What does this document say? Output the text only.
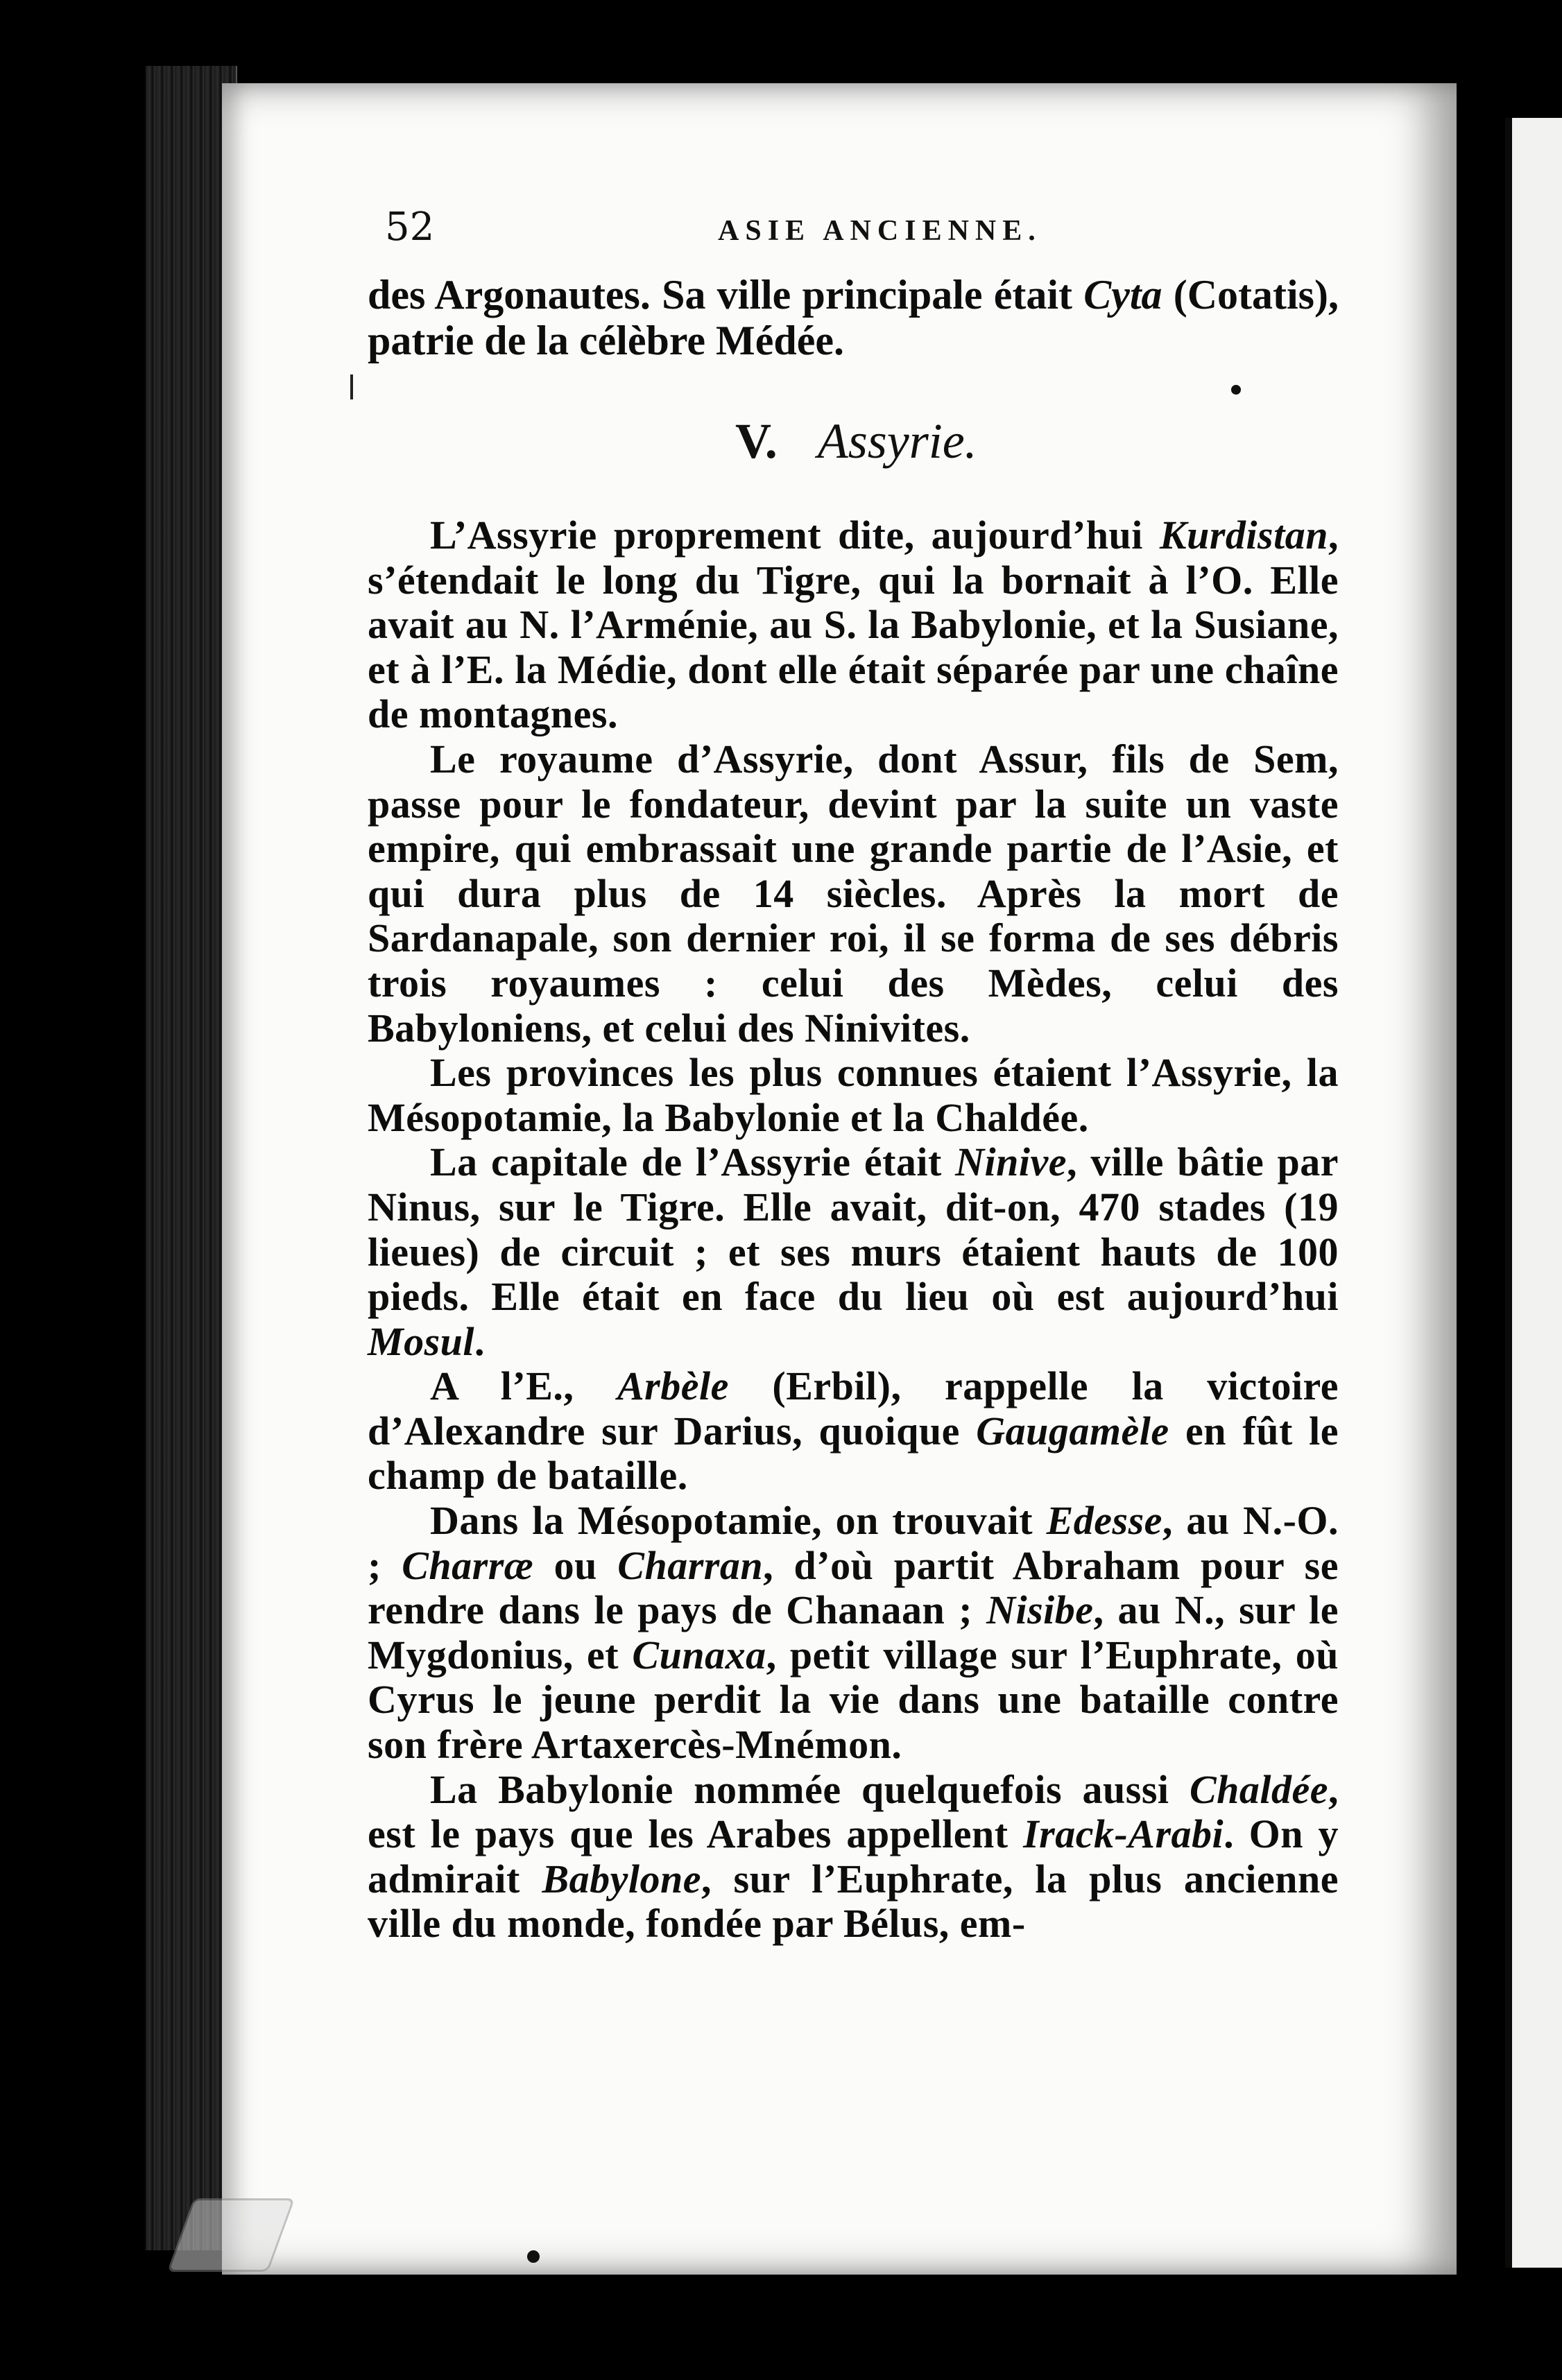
52	ASIE ANCIENNE.
des Argonautes. Sa ville principale était Cyta (Cotatis), patrie de la célèbre Médée.
V. Assyrie.

L’Assyrie proprement dite, aujourd’hui Kurdistan, s’étendait le long du Tigre, qui la bornait à l’O. Elle avait au N. l’Arménie, au S. la Babylonie, et la Susiane, et à l’E. la Médie, dont elle était séparée par une chaîne de montagnes.

Le royaume d’Assyrie, dont Assur, fils de Sem, passe pour le fondateur, devint par la suite un vaste empire, qui embrassait une grande partie de l’Asie, et qui dura plus de 14 siècles. Après la mort de Sardanapale, son dernier roi, il se forma de ses débris trois royaumes : celui des Mèdes, celui des Babyloniens, et celui des Ninivites.

Les provinces les plus connues étaient l’Assyrie, la Mésopotamie, la Babylonie et la Chaldée.

La capitale de l’Assyrie était Ninive, ville bâtie par Ninus, sur le Tigre. Elle avait, dit-on, 470 stades (19 lieues) de circuit ; et ses murs étaient hauts de 100 pieds. Elle était en face du lieu où est aujourd’hui Mosul.

A l’E., Arbèle (Erbil), rappelle la victoire d’Alexandre sur Darius, quoique Gaugamèle en fût le champ de bataille.

Dans la Mésopotamie, on trouvait Edesse, au N.-O. ; Charræ ou Charran, d’où partit Abraham pour se rendre dans le pays de Chanaan ; Nisibe, au N., sur le Mygdonius, et Cunaxa, petit village sur l’Euphrate, où Cyrus le jeune perdit la vie dans une bataille contre son frère Artaxercès-Mnémon.

La Babylonie nommée quelquefois aussi Chaldée, est le pays que les Arabes appellent Irack-Arabi. On y admirait Babylone, sur l’Euphrate, la plus ancienne ville du monde, fondée par Bélus, em-
